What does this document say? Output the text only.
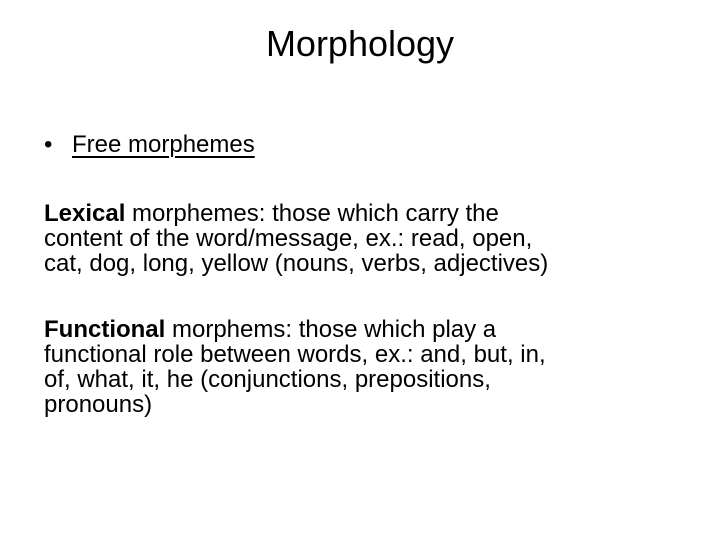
Morphology
• Free morphemes
Lexical morphemes: those which carry the
content of the word/message, ex.: read, open,
cat, dog, long, yellow (nouns, verbs, adjectives)
Functional morphems: those which play a
functional role between words, ex.: and, but, in,
of, what, it, he (conjunctions, prepositions,
pronouns)
